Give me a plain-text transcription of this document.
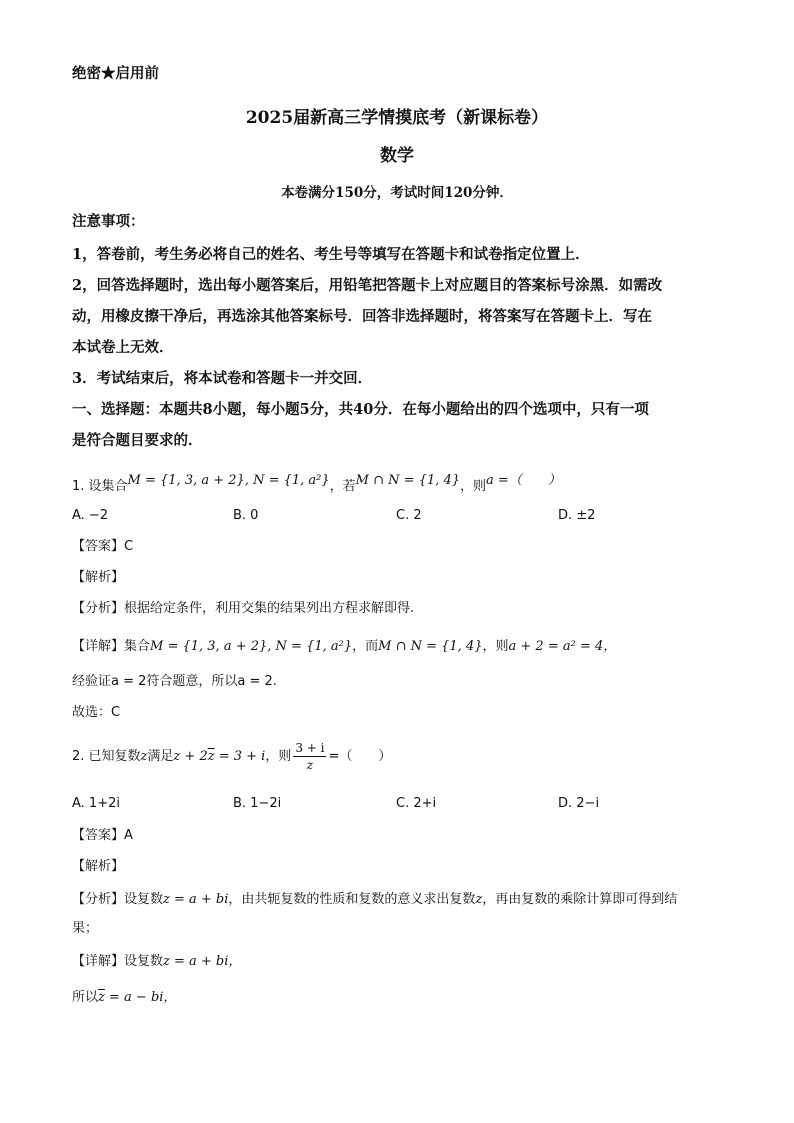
绝密★启用前
2025届新高三学情摸底考（新课标卷）
数学
本卷满分150分，考试时间120分钟．
注意事项：
1，答卷前，考生务必将自己的姓名、考生号等填写在答题卡和试卷指定位置上．
2，回答选择题时，选出每小题答案后，用铅笔把答题卡上对应题目的答案标号涂黑．如需改
动，用橡皮擦干净后，再选涂其他答案标号．回答非选择题时，将答案写在答题卡上．写在
本试卷上无效．
3．考试结束后，将本试卷和答题卡一并交回．
一、选择题：本题共8小题，每小题5分，共40分．在每小题给出的四个选项中，只有一项
是符合题目要求的．
1. 设集合M = {1, 3, a + 2}, N = {1, a²}，若M ∩ N = {1, 4}，则a =（　　）
A. −2	B. 0	C. 2	D. ±2
【答案】C
【解析】
【分析】根据给定条件，利用交集的结果列出方程求解即得.
【详解】集合M = {1, 3, a + 2}, N = {1, a²}，而M ∩ N = {1, 4}，则a + 2 = a² = 4，
经验证a = 2符合题意，所以a = 2.
故选：C
2. 已知复数z满足$z + 2\overline{z} = 3 + i$，则 $\frac{3 + i}{z}$ =（　　）
A. 1+2i	B. 1−2i	C. 2+i	D. 2−i
【答案】A
【解析】
【分析】设复数z = a + bi，由共轭复数的性质和复数的意义求出复数z，再由复数的乘除计算即可得到结
果；
【详解】设复数z = a + bi，
所以$\overline{z} = a$ − bi，
